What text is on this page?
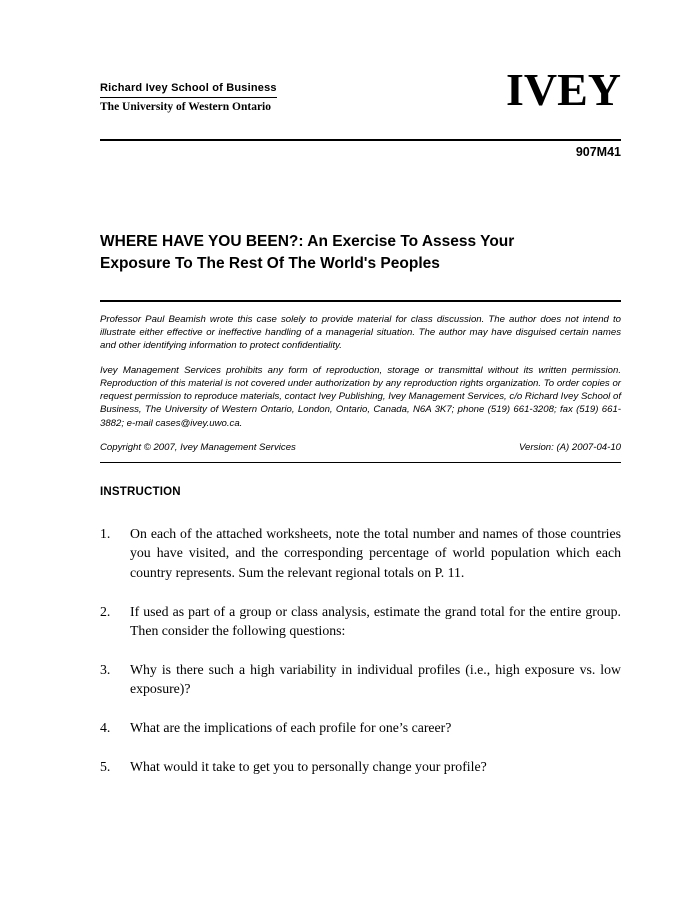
Richard Ivey School of Business
The University of Western Ontario	IVEY
907M41
WHERE HAVE YOU BEEN?: An Exercise To Assess Your Exposure To The Rest Of The World's Peoples
Professor Paul Beamish wrote this case solely to provide material for class discussion. The author does not intend to illustrate either effective or ineffective handling of a managerial situation. The author may have disguised certain names and other identifying information to protect confidentiality.
Ivey Management Services prohibits any form of reproduction, storage or transmittal without its written permission. Reproduction of this material is not covered under authorization by any reproduction rights organization. To order copies or request permission to reproduce materials, contact Ivey Publishing, Ivey Management Services, c/o Richard Ivey School of Business, The University of Western Ontario, London, Ontario, Canada, N6A 3K7; phone (519) 661-3208; fax (519) 661-3882; e-mail cases@ivey.uwo.ca.
Copyright © 2007, Ivey Management Services	Version: (A) 2007-04-10
INSTRUCTION
1.	On each of the attached worksheets, note the total number and names of those countries you have visited, and the corresponding percentage of world population which each country represents. Sum the relevant regional totals on P. 11.
2.	If used as part of a group or class analysis, estimate the grand total for the entire group. Then consider the following questions:
3.	Why is there such a high variability in individual profiles (i.e., high exposure vs. low exposure)?
4.	What are the implications of each profile for one’s career?
5.	What would it take to get you to personally change your profile?
